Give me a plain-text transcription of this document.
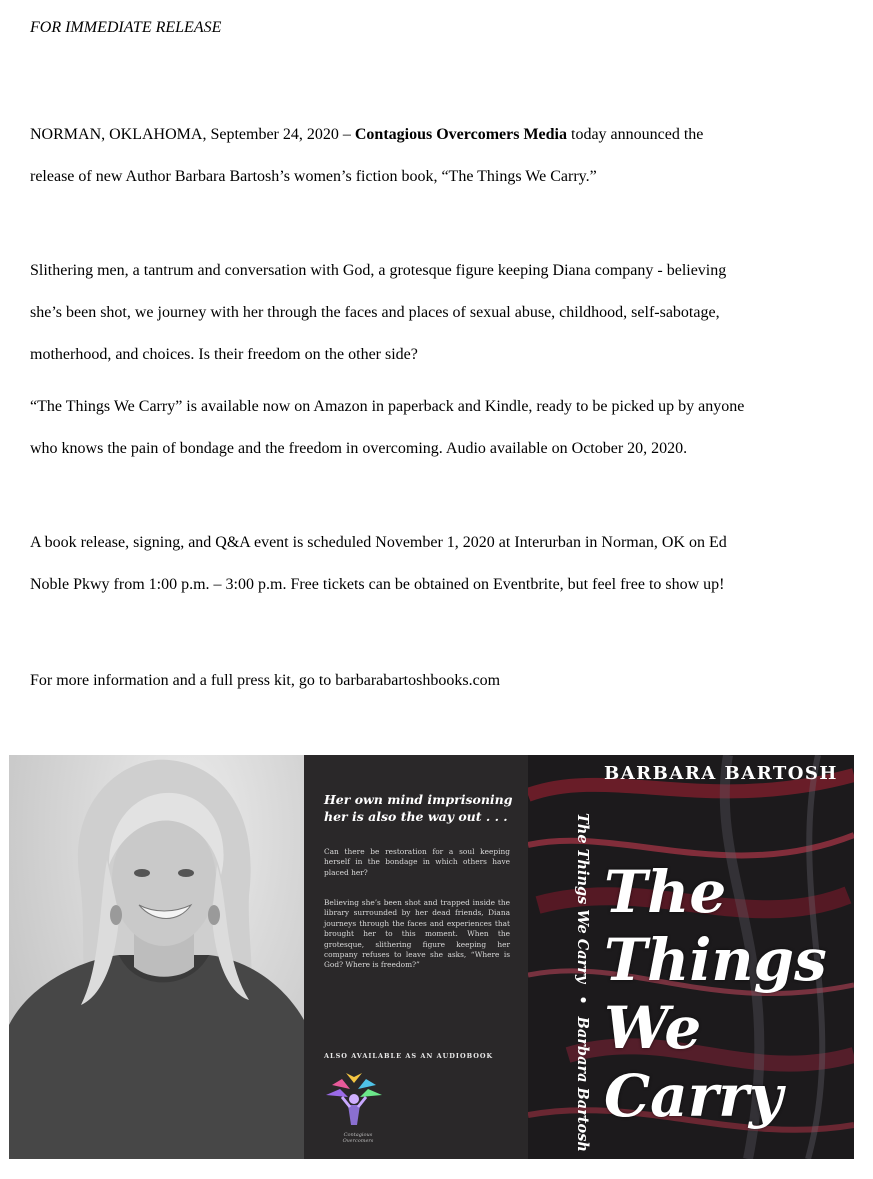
FOR IMMEDIATE RELEASE
NORMAN, OKLAHOMA, September 24, 2020 – Contagious Overcomers Media today announced the release of new Author Barbara Bartosh’s women’s fiction book, “The Things We Carry.”
Slithering men, a tantrum and conversation with God, a grotesque figure keeping Diana company - believing she’s been shot, we journey with her through the faces and places of sexual abuse, childhood, self-sabotage, motherhood, and choices. Is their freedom on the other side?
“The Things We Carry” is available now on Amazon in paperback and Kindle, ready to be picked up by anyone who knows the pain of bondage and the freedom in overcoming. Audio available on October 20, 2020.
A book release, signing, and Q&A event is scheduled November 1, 2020 at Interurban in Norman, OK on Ed Noble Pkwy from 1:00 p.m. – 3:00 p.m. Free tickets can be obtained on Eventbrite, but feel free to show up!
For more information and a full press kit, go to barbarabartoshbooks.com
Her own mind imprisoning her is also the way out . . .
Can there be restoration for a soul keeping herself in the bondage in which others have placed her?
Believing she’s been shot and trapped inside the library surrounded by her dead friends, Diana journeys through the faces and experiences that brought her to this moment. When the grotesque, slithering figure keeping her company refuses to leave she asks, “Where is God? Where is freedom?”
ALSO AVAILABLE AS AN AUDIOBOOK
Contagious Overcomers
BARBARA BARTOSH
The Things We Carry•Barbara Bartosh
The
Things
We
Carry
